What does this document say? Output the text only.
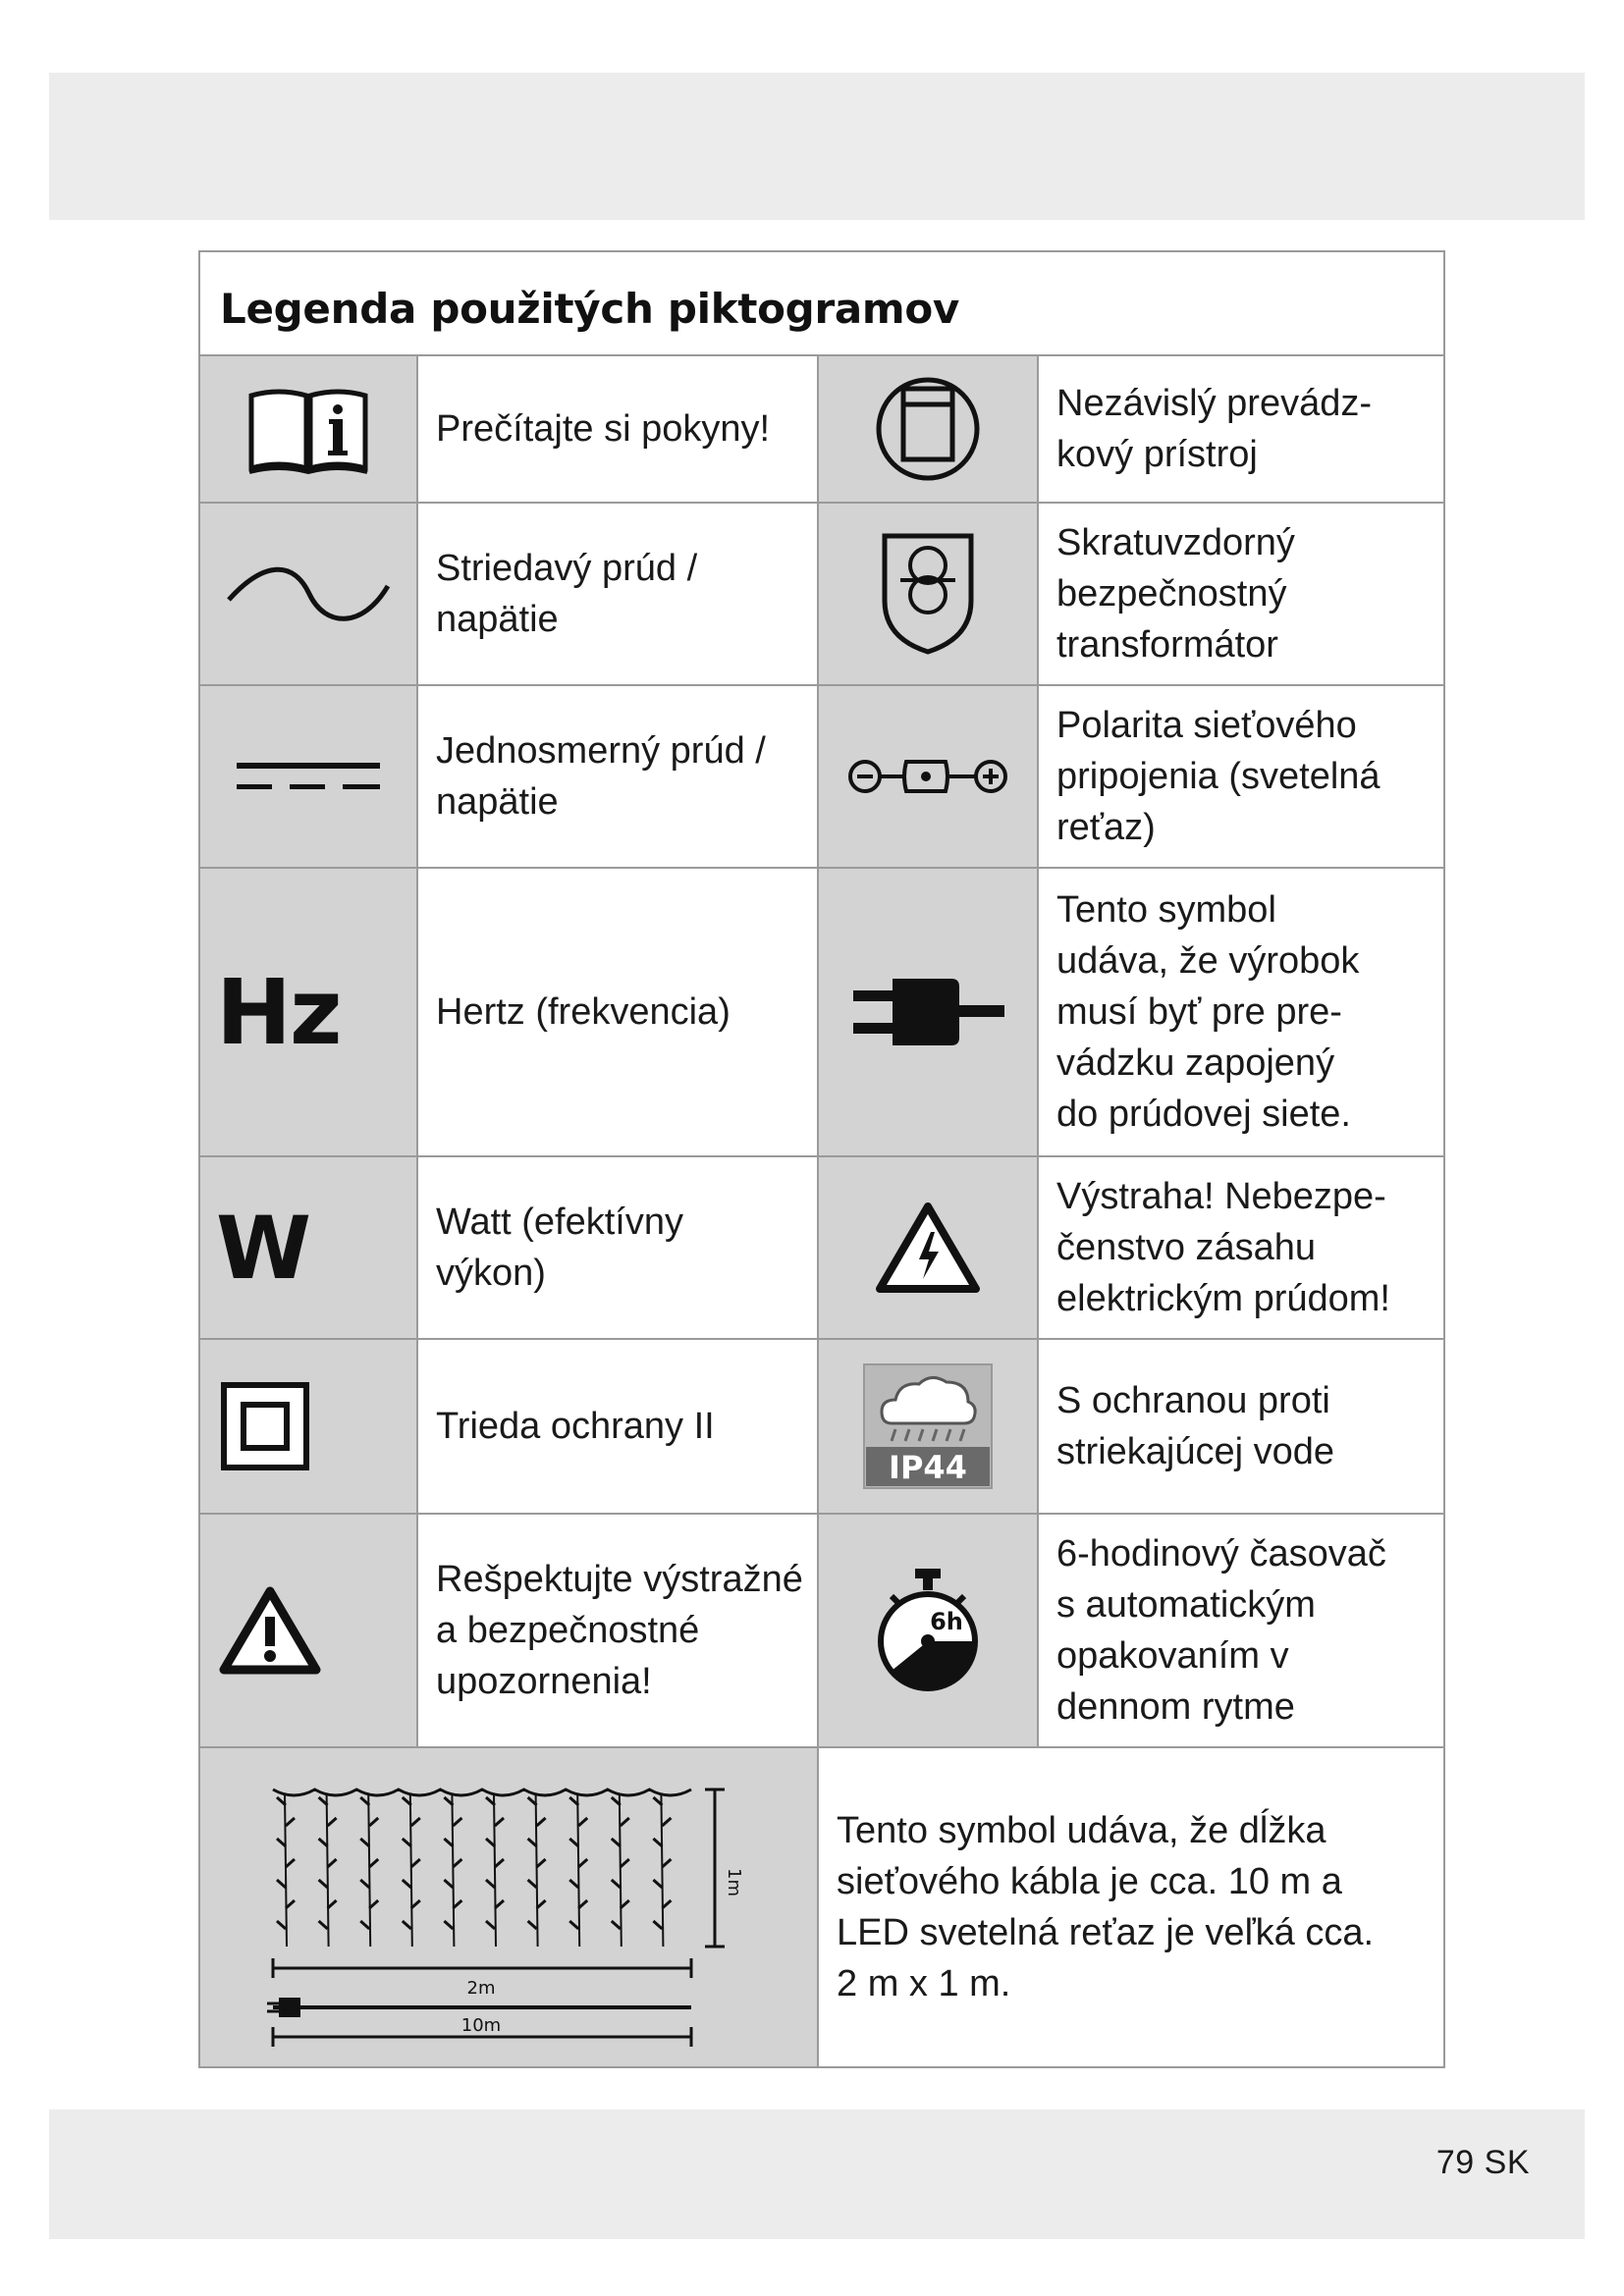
Legenda použitých piktogramov
Prečítajte si pokyny!
Nezávislý prevádz-
kový prístroj
Striedavý prúd /
napätie
Skratuvzdorný
bezpečnostný
transformátor
Jednosmerný prúd /
napätie
Polarita sieťového
pripojenia (svetelná
reťaz)
Hz	Hertz (frekvencia)
Tento symbol
udáva, že výrobok
musí byť pre pre-
vádzku zapojený
do prúdovej siete.
W	Watt (efektívny
výkon)
Výstraha! Nebezpe-
čenstvo zásahu
elektrickým prúdom!
Trieda ochrany II
IP44
S ochranou proti
striekajúcej vode
Rešpektujte výstražné
a bezpečnostné
upozornenia!
6h
6-hodinový časovač
s automatickým
opakovaním v
dennom rytme
1m
2m
10m
Tento symbol udáva, že dĺžka
sieťového kábla je cca. 10 m a
LED svetelná reťaz je veľká cca.
2 m x 1 m.
79 SK
